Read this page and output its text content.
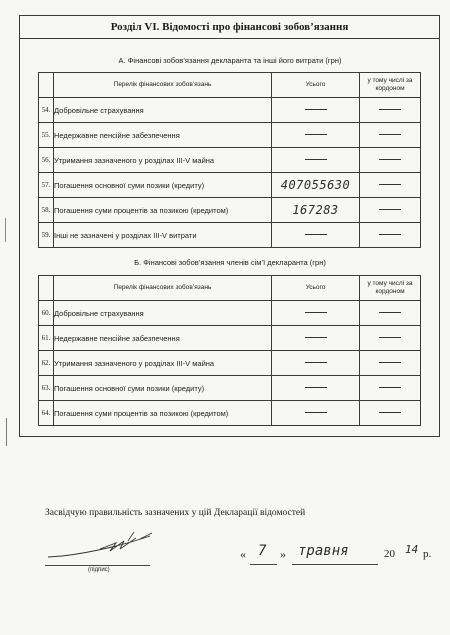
Розділ VI. Відомості про фінансові зобов’язання
А. Фінансові зобов’язання декларанта та інші його витрати (грн)
	Перелік фінансових зобов’язань	Усього	у тому числі за кордоном
54.	Добровільне страхування		
55.	Недержавне пенсійне забезпечення		
56.	Утримання зазначеного у розділах III-V майна		
57.	Погашення основної суми позики (кредиту)	407055630	
58.	Погашення суми процентів за позикою (кредитом)	167283	
59.	Інші не зазначені у розділах III-V витрати		
Б. Фінансові зобов’язання членів сім’ї декларанта (грн)
	Перелік фінансових зобов’язань	Усього	у тому числі за кордоном
60.	Добровільне страхування		
61.	Недержавне пенсійне забезпечення		
62.	Утримання зазначеного у розділах III-V майна		
63.	Погашення основної суми позики (кредиту)		
64.	Погашення суми процентів за позикою (кредитом)		
Засвідчую правильність зазначених у цій Декларації відомостей
(підпис)
« 7 » травня	20 14 р.
